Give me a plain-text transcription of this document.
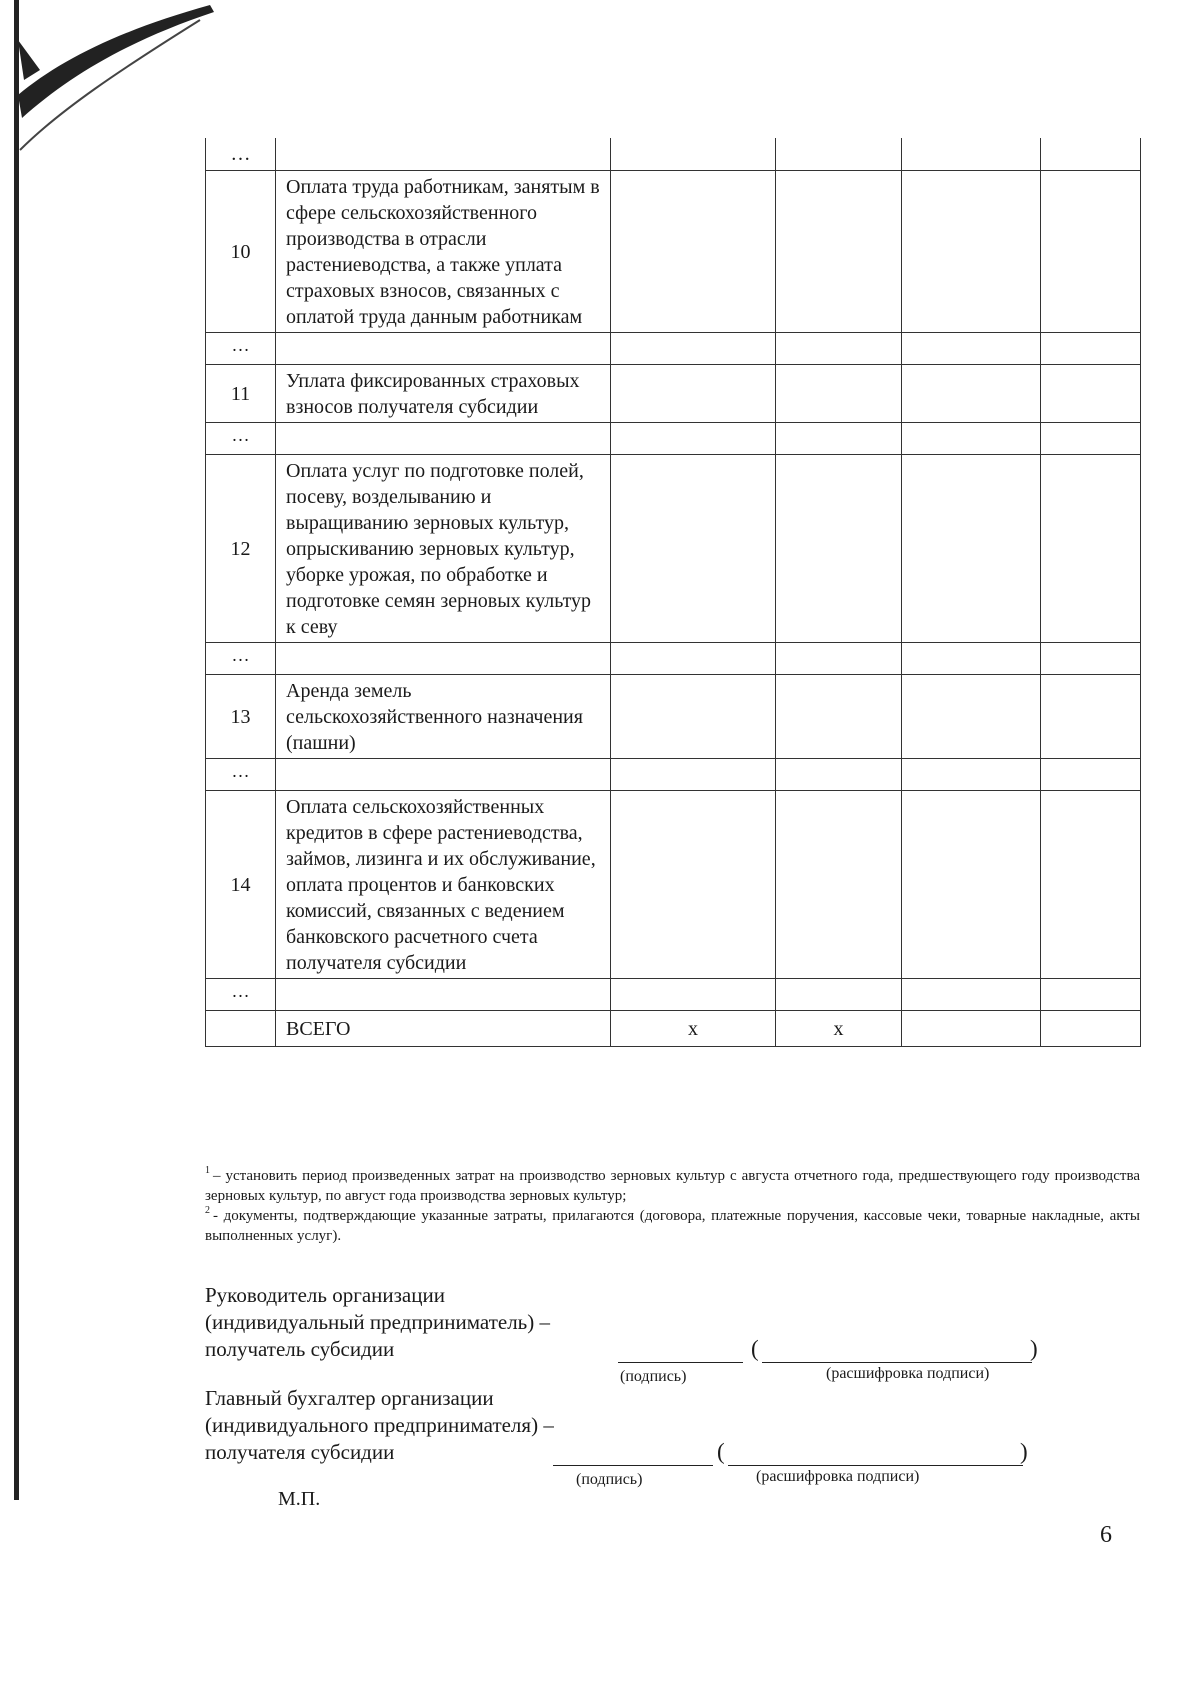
…					
10	Оплата труда работникам, занятым в сфере сельскохозяйственного производства в отрасли растениеводства, а также уплата страховых взносов, связанных с оплатой труда данным работникам				
…					
11	Уплата фиксированных страховых взносов получателя субсидии				
…					
12	Оплата услуг по подготовке полей, посеву, возделыванию и выращиванию зерновых культур, опрыскиванию зерновых культур, уборке урожая, по обработке и подготовке семян зерновых культур к севу				
…					
13	Аренда земель сельскохозяйственного назначения (пашни)				
…					
14	Оплата сельскохозяйственных кредитов в сфере растениеводства, займов, лизинга и их обслуживание, оплата процентов и банковских комиссий, связанных с ведением банковского расчетного счета получателя субсидии				
…					
	ВСЕГО	x	x		

$^1$ – установить период произведенных затрат на производство зерновых культур с августа отчетного года, предшествующего году производства зерновых культур, по август года производства зерновых культур;

$^2$ - документы, подтверждающие указанные затраты, прилагаются (договора, платежные поручения, кассовые чеки, товарные накладные, акты выполненных услуг).

Руководитель организации
(индивидуальный предприниматель) –
получатель субсидии	(	)
(подпись)	(расшифровка подписи)
Главный бухгалтер организации
(индивидуального предпринимателя) –
получателя субсидии	(	)
(подпись)	(расшифровка подписи)
М.П.
6
